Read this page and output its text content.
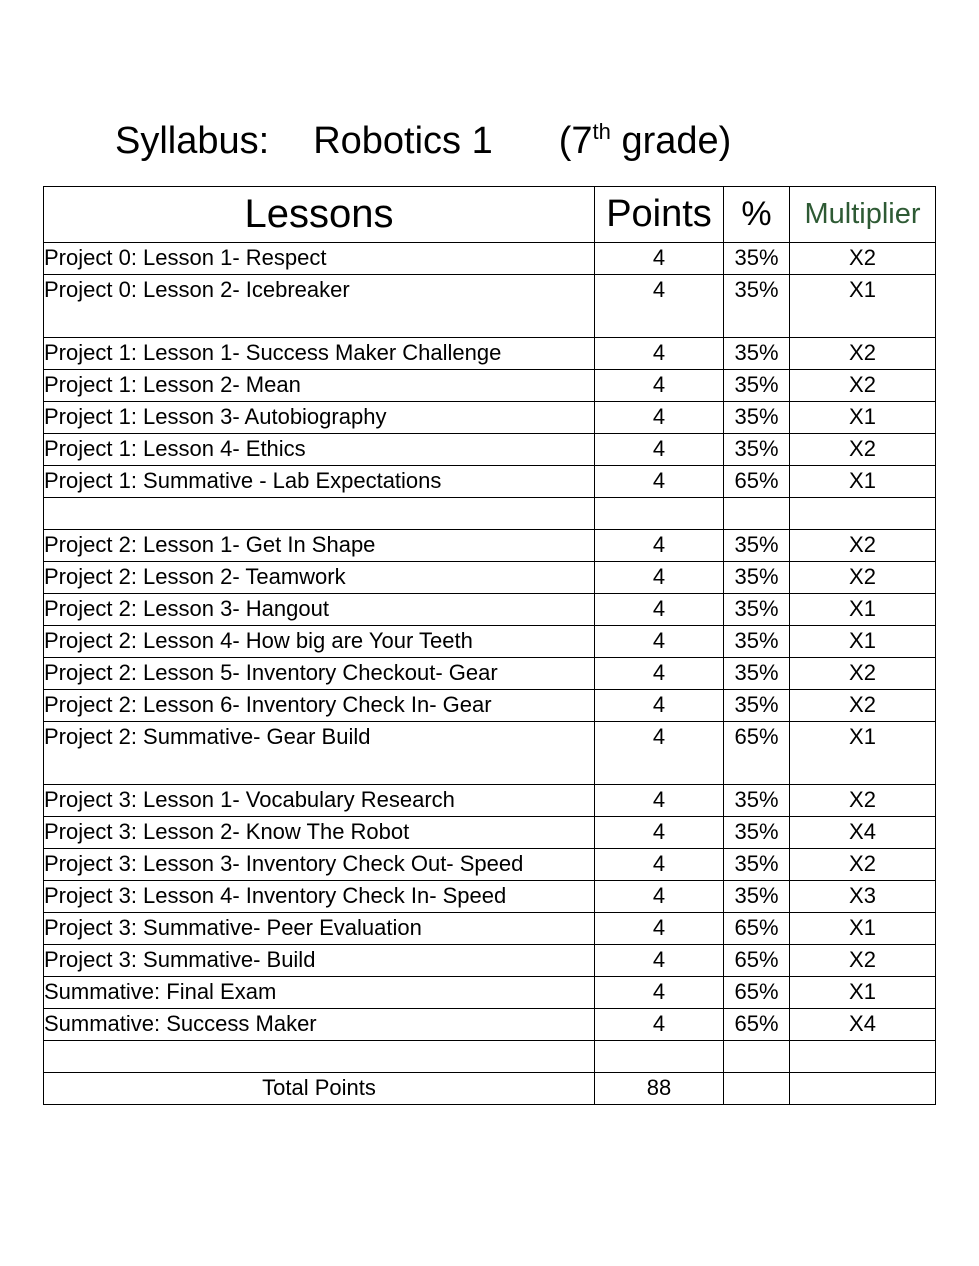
Syllabus: Robotics 1 (7th grade)
Lessons	Points	%	Multiplier
Project 0: Lesson 1- Respect	4	35%	X2
Project 0: Lesson 2- Icebreaker	4	35%	X1
Project 1: Lesson 1- Success Maker Challenge	4	35%	X2
Project 1: Lesson 2- Mean	4	35%	X2
Project 1: Lesson 3- Autobiography	4	35%	X1
Project 1: Lesson 4- Ethics	4	35%	X2
Project 1: Summative - Lab Expectations	4	65%	X1

Project 2: Lesson 1- Get In Shape	4	35%	X2
Project 2: Lesson 2- Teamwork	4	35%	X2
Project 2: Lesson 3- Hangout	4	35%	X1
Project 2: Lesson 4- How big are Your Teeth	4	35%	X1
Project 2: Lesson 5- Inventory Checkout- Gear	4	35%	X2
Project 2: Lesson 6- Inventory Check In- Gear	4	35%	X2
Project 2: Summative- Gear Build	4	65%	X1
Project 3: Lesson 1- Vocabulary Research	4	35%	X2
Project 3: Lesson 2- Know The Robot	4	35%	X4
Project 3: Lesson 3- Inventory Check Out- Speed	4	35%	X2
Project 3: Lesson 4- Inventory Check In- Speed	4	35%	X3
Project 3: Summative- Peer Evaluation	4	65%	X1
Project 3: Summative- Build	4	65%	X2
Summative: Final Exam	4	65%	X1
Summative: Success Maker	4	65%	X4

Total Points	88		
